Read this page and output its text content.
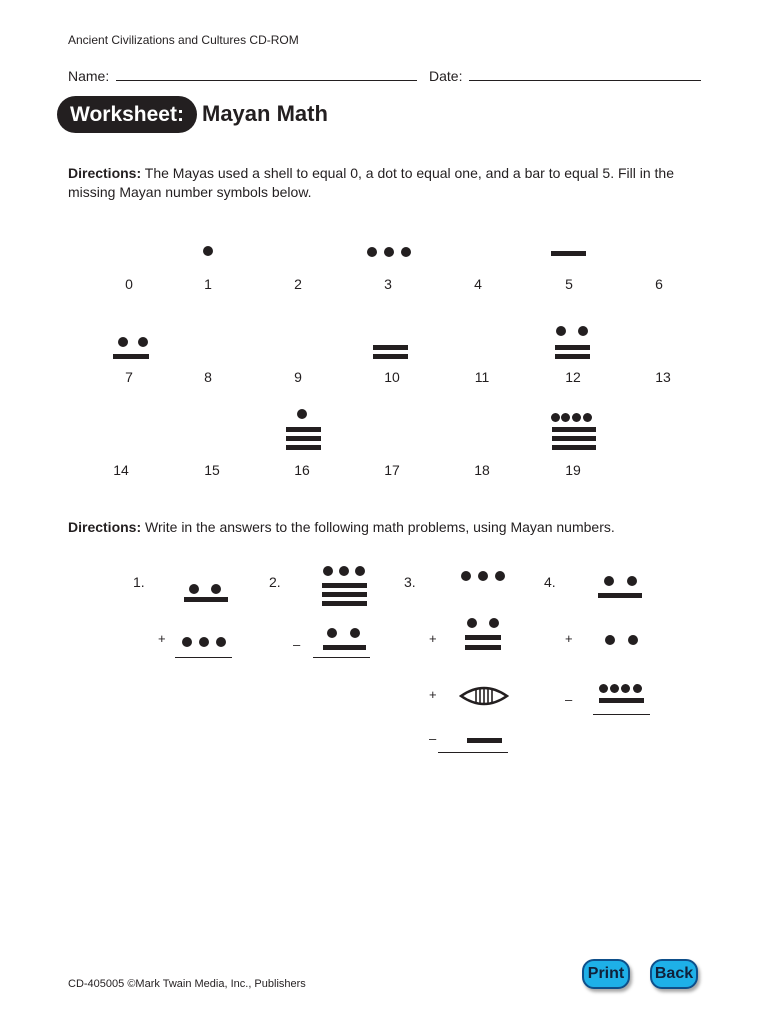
Ancient Civilizations and Cultures CD-ROM
Name:	Date:
Worksheet: Mayan Math
Directions: The Mayas used a shell to equal 0, a dot to equal one, and a bar to equal 5. Fill in the missing Mayan number symbols below.
0	1	2	3	4	5	6
7	8	9	10	11	12	13
14	15	16	17	18	19
Directions: Write in the answers to the following math problems, using Mayan numbers.
1.
+
2.
–
3.
+
+
–
4.
+
–
CD-405005 ©Mark Twain Media, Inc., Publishers
Print	Back
